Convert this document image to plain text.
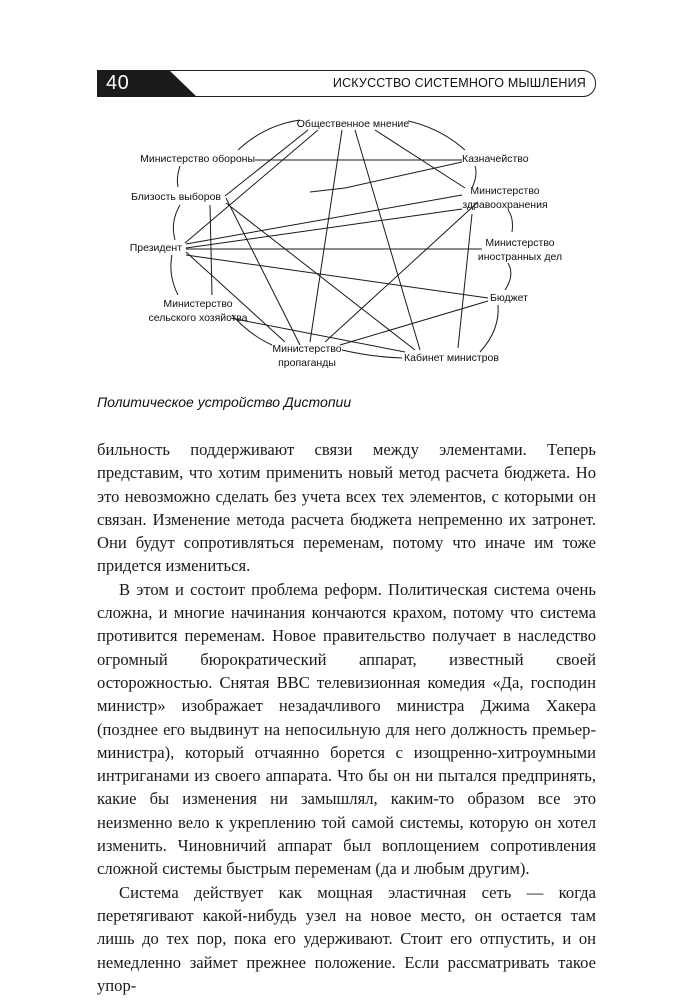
40	ИСКУССТВО СИСТЕМНОГО МЫШЛЕНИЯ
Общественное мнение
Казначейство
Министерство обороны
Министерство
здравоохранения
Близость выборов
Министерство
иностранных дел
Президент
Бюджет
Министерство
сельского хозяйства
Министерство
пропаганды	Кабинет министров
Политическое устройство Дистопии

бильность поддерживают связи между элементами. Теперь представим, что хотим применить новый метод расчета бюджета. Но это невозможно сделать без учета всех тех элементов, с которыми он связан. Изменение метода расчета бюджета непременно их затронет. Они будут сопротивляться переменам, потому что иначе им тоже придется измениться.

В этом и состоит проблема реформ. Политическая система очень сложна, и многие начинания кончаются крахом, потому что система противится переменам. Новое правительство получает в наследство огромный бюрократический аппарат, известный своей осторожностью. Снятая BBC телевизионная комедия «Да, господин министр» изображает незадачливого министра Джима Хакера (позднее его выдвинут на непосильную для него должность премьер-министра), который отчаянно борется с изощренно-хитроумными интриганами из своего аппарата. Что бы он ни пытался предпринять, какие бы изменения ни замышлял, каким-то образом все это неизменно вело к укреплению той самой системы, которую он хотел изменить. Чиновничий аппарат был воплощением сопротивления сложной системы быстрым переменам (да и любым другим).

Система действует как мощная эластичная сеть — когда перетягивают какой-нибудь узел на новое место, он остается там лишь до тех пор, пока его удерживают. Стоит его отпустить, и он немедленно займет прежнее положение. Если рассматривать такое упор-
